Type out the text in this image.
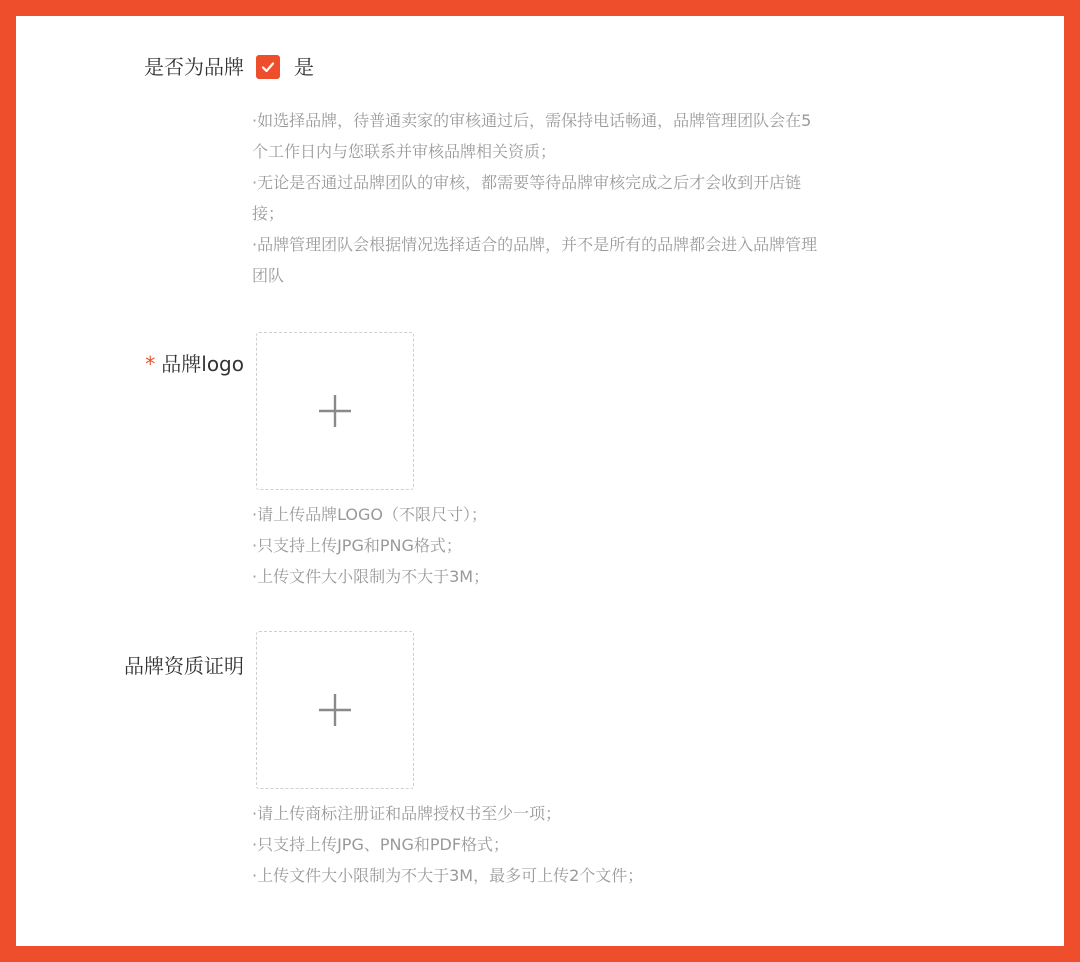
是否为品牌	是
·如选择品牌，待普通卖家的审核通过后，需保持电话畅通，品牌管理团队会在5
个工作日内与您联系并审核品牌相关资质；
·无论是否通过品牌团队的审核，都需要等待品牌审核完成之后才会收到开店链
接；
·品牌管理团队会根据情况选择适合的品牌，并不是所有的品牌都会进入品牌管理
团队
* 品牌logo
·请上传品牌LOGO（不限尺寸）；
·只支持上传JPG和PNG格式；
·上传文件大小限制为不大于3M；
品牌资质证明
·请上传商标注册证和品牌授权书至少一项；
·只支持上传JPG、PNG和PDF格式；
·上传文件大小限制为不大于3M，最多可上传2个文件；
